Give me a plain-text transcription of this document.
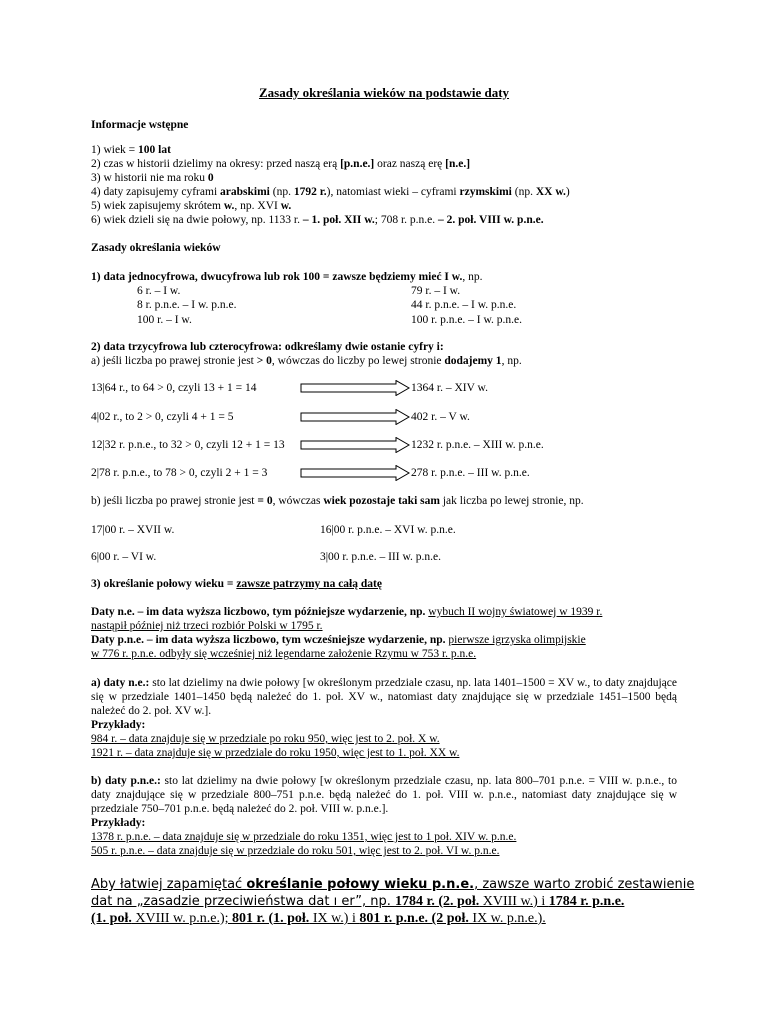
Zasady określania wieków na podstawie daty
Informacje wstępne
1) wiek = 100 lat
2) czas w historii dzielimy na okresy: przed naszą erą [p.n.e.] oraz naszą erę [n.e.]
3) w historii nie ma roku 0
4) daty zapisujemy cyframi arabskimi (np. 1792 r.), natomiast wieki – cyframi rzymskimi (np. XX w.)
5) wiek zapisujemy skrótem w., np. XVI w.
6) wiek dzieli się na dwie połowy, np. 1133 r. – 1. poł. XII w.; 708 r. p.n.e. – 2. poł. VIII w. p.n.e.
Zasady określania wieków
1) data jednocyfrowa, dwucyfrowa lub rok 100 = zawsze będziemy mieć I w., np.
6 r. – I w.	79 r. – I w.
8 r. p.n.e. – I w. p.n.e.	44 r. p.n.e. – I w. p.n.e.
100 r. – I w.	100 r. p.n.e. – I w. p.n.e.
2) data trzycyfrowa lub czterocyfrowa: odkreślamy dwie ostanie cyfry i:
a) jeśli liczba po prawej stronie jest > 0, wówczas do liczby po lewej stronie dodajemy 1, np.
13|64 r., to 64 > 0, czyli 13 + 1 = 14	1364 r. – XIV w.
4|02 r., to 2 > 0, czyli 4 + 1 = 5	402 r. – V w.
12|32 r. p.n.e., to 32 > 0, czyli 12 + 1 = 13	1232 r. p.n.e. – XIII w. p.n.e.
2|78 r. p.n.e., to 78 > 0, czyli 2 + 1 = 3	278 r. p.n.e. – III w. p.n.e.
b) jeśli liczba po prawej stronie jest = 0, wówczas wiek pozostaje taki sam jak liczba po lewej stronie, np.
17|00 r. – XVII w.	16|00 r. p.n.e. – XVI w. p.n.e.
6|00 r. – VI w.	3|00 r. p.n.e. – III w. p.n.e.
3) określanie połowy wieku = zawsze patrzymy na całą datę
Daty n.e. – im data wyższa liczbowo, tym późniejsze wydarzenie, np. wybuch II wojny światowej w 1939 r.
nastąpił później niż trzeci rozbiór Polski w 1795 r.
Daty p.n.e. – im data wyższa liczbowo, tym wcześniejsze wydarzenie, np. pierwsze igrzyska olimpijskie
w 776 r. p.n.e. odbyły się wcześniej niż legendarne założenie Rzymu w 753 r. p.n.e.
a) daty n.e.: sto lat dzielimy na dwie połowy [w określonym przedziale czasu, np. lata 1401–1500 = XV w., to daty znajdujące się w przedziale 1401–1450 będą należeć do 1. poł. XV w., natomiast daty znajdujące się w przedziale 1451–1500 będą należeć do 2. poł. XV w.].
Przykłady:
984 r. – data znajduje się w przedziale po roku 950, więc jest to 2. poł. X w.
1921 r. – data znajduje się w przedziale do roku 1950, więc jest to 1. poł. XX w.
b) daty p.n.e.: sto lat dzielimy na dwie połowy [w określonym przedziale czasu, np. lata 800–701 p.n.e. = VIII w. p.n.e., to daty znajdujące się w przedziale 800–751 p.n.e. będą należeć do 1. poł. VIII w. p.n.e., natomiast daty znajdujące się w przedziale 750–701 p.n.e. będą należeć do 2. poł. VIII w. p.n.e.].
Przykłady:
1378 r. p.n.e. – data znajduje się w przedziale do roku 1351, więc jest to 1 poł. XIV w. p.n.e.
505 r. p.n.e. – data znajduje się w przedziale do roku 501, więc jest to 2. poł. VI w. p.n.e.
Aby łatwiej zapamiętać określanie połowy wieku p.n.e., zawsze warto zrobić zestawienie
dat na „zasadzie przeciwieństwa dat ı er”, np. 1784 r. (2. poł. XVIII w.) i 1784 r. p.n.e.
(1. poł. XVIII w. p.n.e.); 801 r. (1. poł. IX w.) i 801 r. p.n.e. (2 poł. IX w. p.n.e.).
